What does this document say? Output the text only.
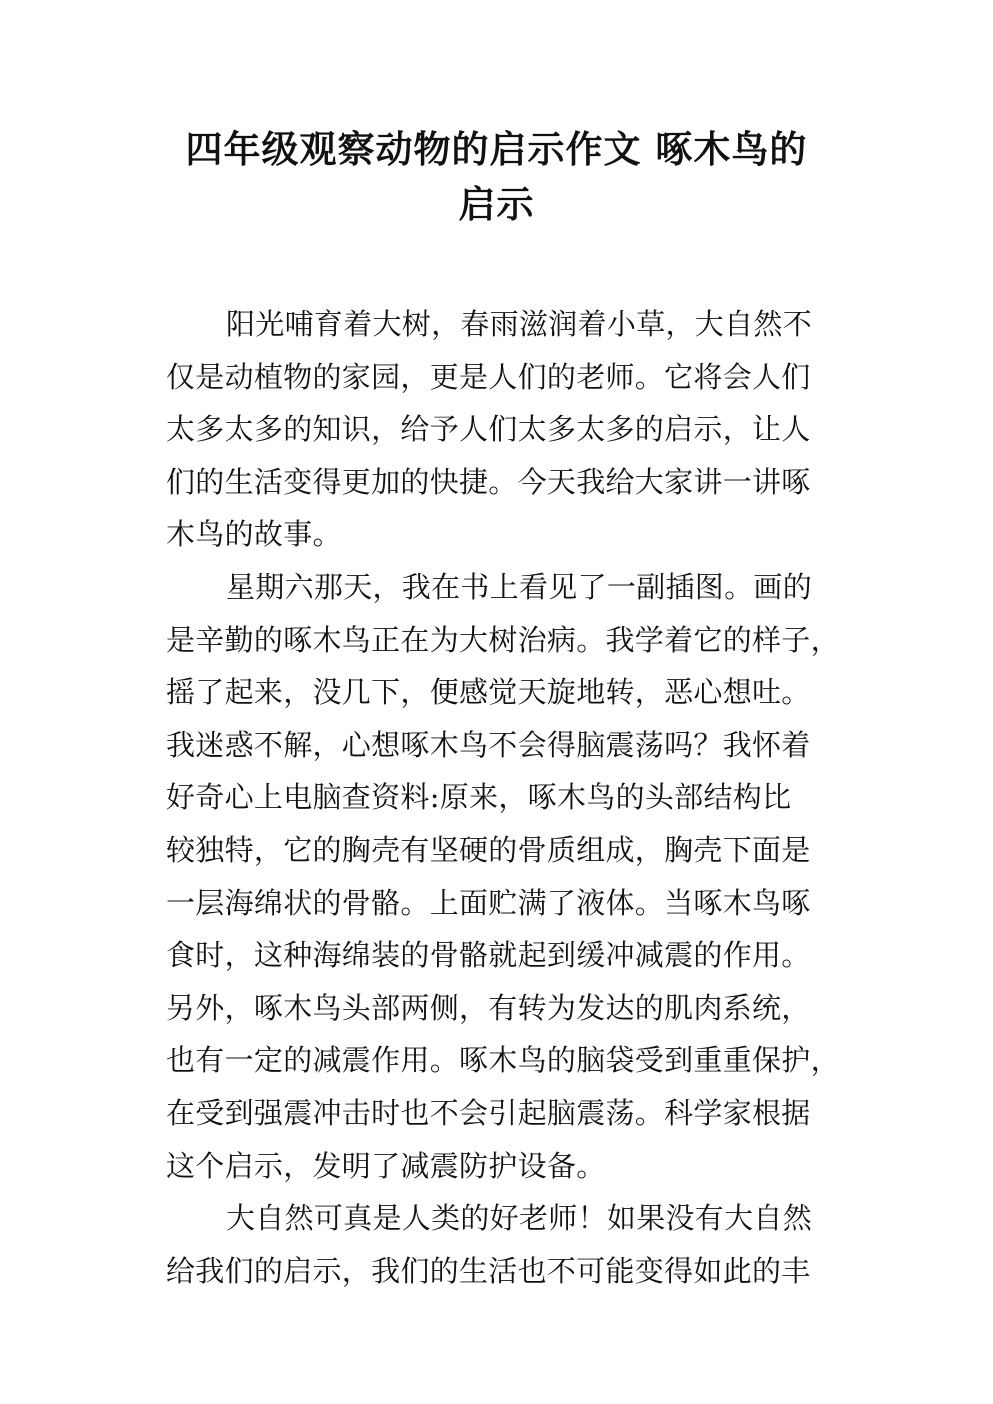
四年级观察动物的启示作文 啄木鸟的
启示
阳光哺育着大树，春雨滋润着小草，大自然不
仅是动植物的家园，更是人们的老师。它将会人们
太多太多的知识，给予人们太多太多的启示，让人
们的生活变得更加的快捷。今天我给大家讲一讲啄
木鸟的故事。
星期六那天，我在书上看见了一副插图。画的
是辛勤的啄木鸟正在为大树治病。我学着它的样子，
摇了起来，没几下，便感觉天旋地转，恶心想吐。
我迷惑不解，心想啄木鸟不会得脑震荡吗？我怀着
好奇心上电脑查资料:原来，啄木鸟的头部结构比
较独特，它的胸壳有坚硬的骨质组成，胸壳下面是
一层海绵状的骨骼。上面贮满了液体。当啄木鸟啄
食时，这种海绵装的骨骼就起到缓冲减震的作用。
另外，啄木鸟头部两侧，有转为发达的肌肉系统，
也有一定的减震作用。啄木鸟的脑袋受到重重保护，
在受到强震冲击时也不会引起脑震荡。科学家根据
这个启示，发明了减震防护设备。
大自然可真是人类的好老师！如果没有大自然
给我们的启示，我们的生活也不可能变得如此的丰
